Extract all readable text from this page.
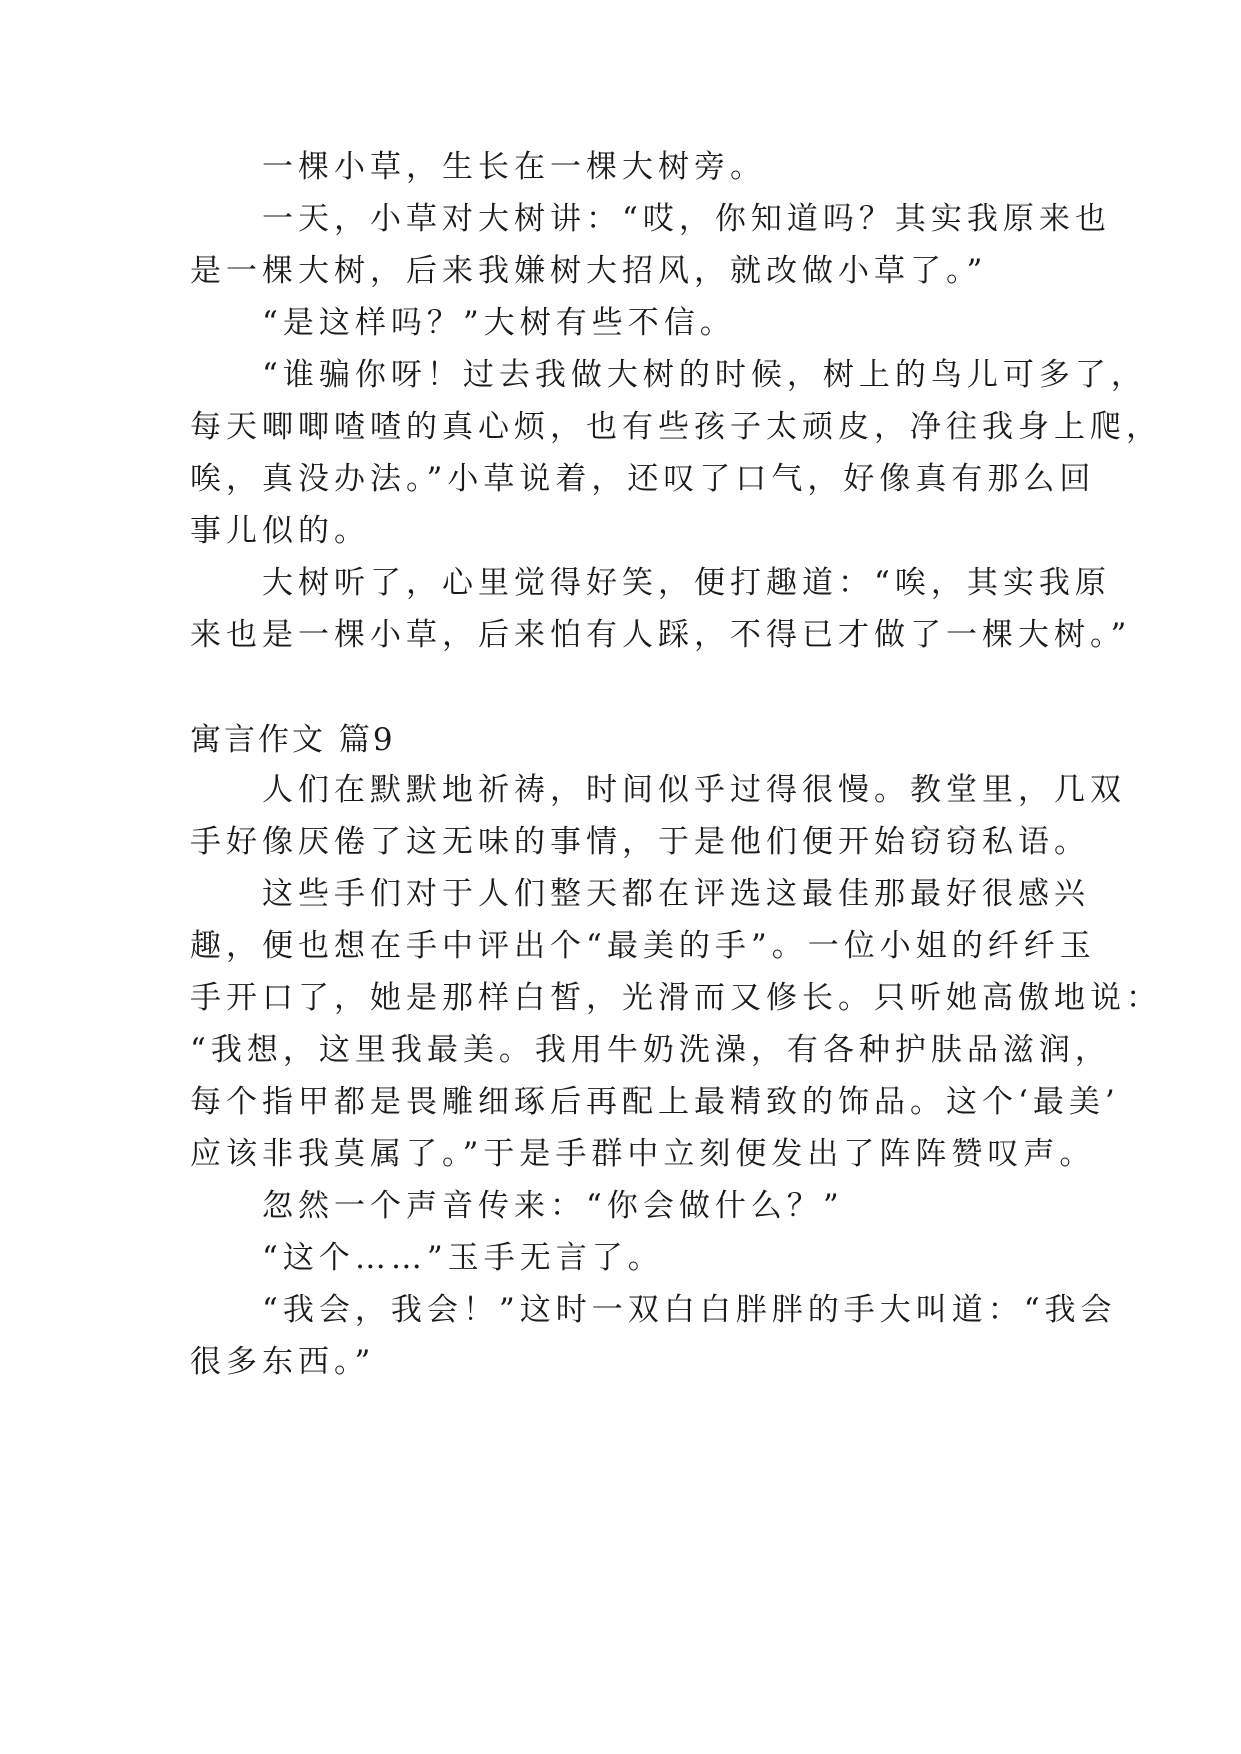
　　一棵小草，生长在一棵大树旁。
　　一天，小草对大树讲：“哎，你知道吗？其实我原来也
是一棵大树，后来我嫌树大招风，就改做小草了。”
　　“是这样吗？”大树有些不信。
　　“谁骗你呀！过去我做大树的时候，树上的鸟儿可多了，
每天唧唧喳喳的真心烦，也有些孩子太顽皮，净往我身上爬，
唉，真没办法。”小草说着，还叹了口气，好像真有那么回
事儿似的。
　　大树听了，心里觉得好笑，便打趣道：“唉，其实我原
来也是一棵小草，后来怕有人踩，不得已才做了一棵大树。”
寓言作文 篇9
　　人们在默默地祈祷，时间似乎过得很慢。教堂里，几双
手好像厌倦了这无味的事情，于是他们便开始窃窃私语。
　　这些手们对于人们整天都在评选这最佳那最好很感兴
趣，便也想在手中评出个“最美的手”。一位小姐的纤纤玉
手开口了，她是那样白皙，光滑而又修长。只听她高傲地说：
“我想，这里我最美。我用牛奶洗澡，有各种护肤品滋润，
每个指甲都是畏雕细琢后再配上最精致的饰品。这个‘最美’
应该非我莫属了。”于是手群中立刻便发出了阵阵赞叹声。
　　忽然一个声音传来：“你会做什么？”
　　“这个……”玉手无言了。
　　“我会，我会！”这时一双白白胖胖的手大叫道：“我会
很多东西。”
